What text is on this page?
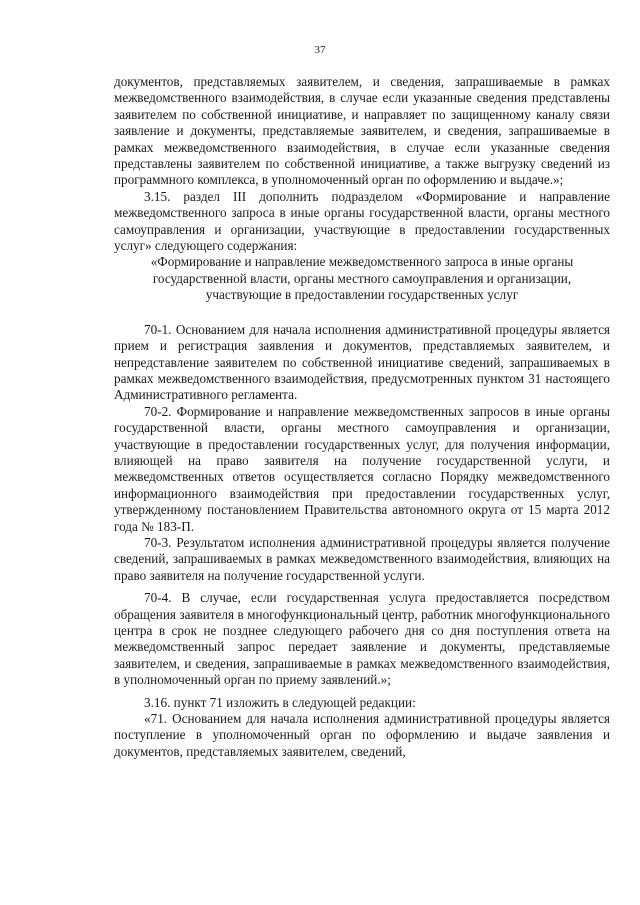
37

документов, представляемых заявителем, и сведения, запрашиваемые в рамках межведомственного взаимодействия, в случае если указанные сведения представлены заявителем по собственной инициативе, и направляет по защищенному каналу связи заявление и документы, представляемые заявителем, и сведения, запрашиваемые в рамках межведомственного взаимодействия, в случае если указанные сведения представлены заявителем по собственной инициативе, а также выгрузку сведений из программного комплекса, в уполномоченный орган по оформлению и выдаче.»;

3.15. раздел III дополнить подразделом «Формирование и направление межведомственного запроса в иные органы государственной власти, органы местного самоуправления и организации, участвующие в предоставлении государственных услуг» следующего содержания:

«Формирование и направление межведомственного запроса в иные органы государственной власти, органы местного самоуправления и организации, участвующие в предоставлении государственных услуг

70-1. Основанием для начала исполнения административной процедуры является прием и регистрация заявления и документов, представляемых заявителем, и непредставление заявителем по собственной инициативе сведений, запрашиваемых в рамках межведомственного взаимодействия, предусмотренных пунктом 31 настоящего Административного регламента.

70-2. Формирование и направление межведомственных запросов в иные органы государственной власти, органы местного самоуправления и организации, участвующие в предоставлении государственных услуг, для получения информации, влияющей на право заявителя на получение государственной услуги, и межведомственных ответов осуществляется согласно Порядку межведомственного информационного взаимодействия при предоставлении государственных услуг, утвержденному постановлением Правительства автономного округа от 15 марта 2012 года № 183-П.

70-3. Результатом исполнения административной процедуры является получение сведений, запрашиваемых в рамках межведомственного взаимодействия, влияющих на право заявителя на получение государственной услуги.

70-4. В случае, если государственная услуга предоставляется посредством обращения заявителя в многофункциональный центр, работник многофункционального центра в срок не позднее следующего рабочего дня со дня поступления ответа на межведомственный запрос передает заявление и документы, представляемые заявителем, и сведения, запрашиваемые в рамках межведомственного взаимодействия, в уполномоченный орган по приему заявлений.»;

3.16. пункт 71 изложить в следующей редакции:

«71. Основанием для начала исполнения административной процедуры является поступление в уполномоченный орган по оформлению и выдаче заявления и документов, представляемых заявителем, сведений,
